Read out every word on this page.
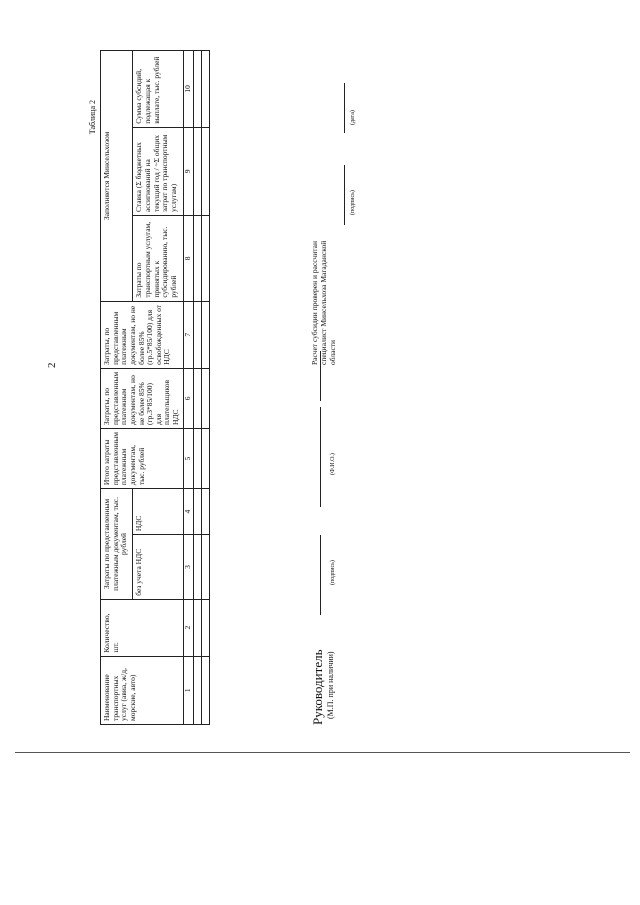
2
Таблица 2
Наименование транспортных услуг (авиа, ж/д, морские, авто)	Количество, шт.	Затраты по представленным платежным документам, тыс. рублей		Итого затраты представленным платежным документам, тыс. рублей	Затраты, по представленным платежным документам, но не более 85% (гр.3*85/100) для плательщиков НДС	Затраты, по представленным платежным документам, но не более 85% (гр.5*85/100) для освобожденных от НДС	Заполняется Минсельхозом		
		без учета НДС	НДС				Затраты по транспортным услугам, принятых к субсидированию, тыс. рублей	Ставка (Σ бюджетных ассигнований на текущий год / ~Σ общих затрат по транспортным услугам)	Сумма субсидий, подлежащая к выплате, тыс. рублей
1	2	3	4	5	6	7	8	9	10

Руководитель (М.П. при наличии)

(подпись)
(Ф.И.О.)
Расчет субсидии проверен и рассчитан специалист Минсельхоза Магаданской области

(подпись)
(дата)
